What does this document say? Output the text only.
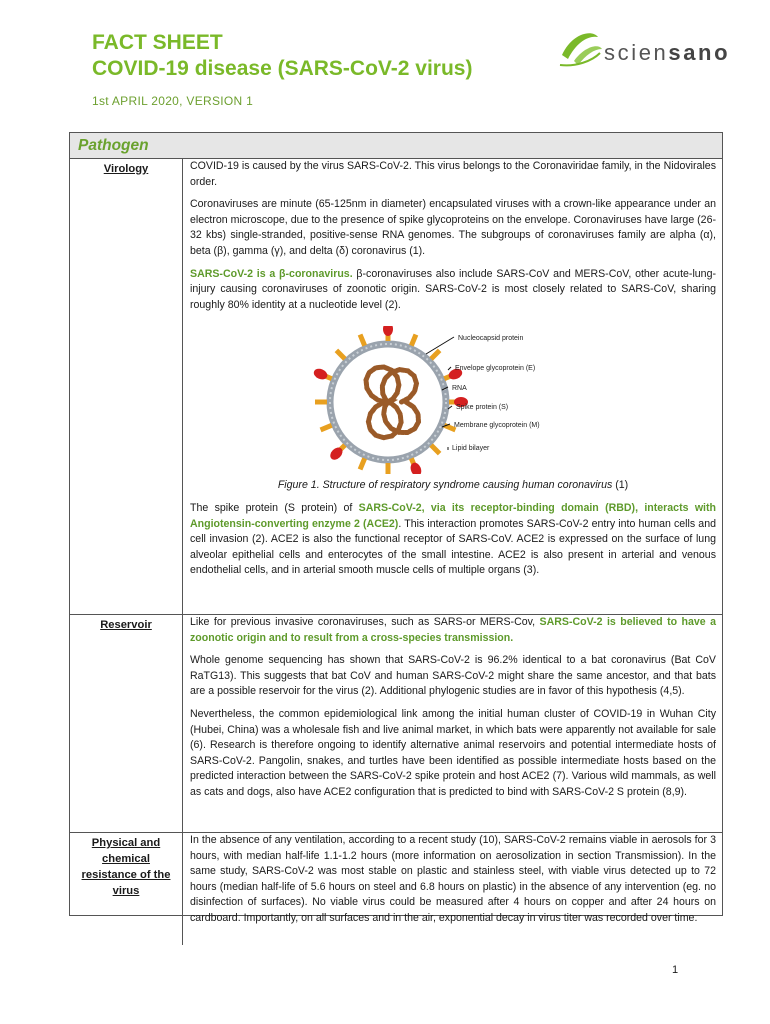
FACT SHEET
COVID-19 disease (SARS-CoV-2 virus)
1st APRIL 2020, VERSION 1
sciensano
Pathogen
Virology	COVID-19 is caused by the virus SARS-CoV-2. This virus belongs to the Coronaviridae family, in the Nidovirales order.

Coronaviruses are minute (65-125nm in diameter) encapsulated viruses with a crown-like appearance under an electron microscope, due to the presence of spike glycoproteins on the envelope. Coronaviruses have large (26-32 kbs) single-stranded, positive-sense RNA genomes. The subgroups of coronaviruses family are alpha (α), beta (β), gamma (γ), and delta (δ) coronavirus (1).

SARS-CoV-2 is a β-coronavirus. β-coronaviruses also include SARS-CoV and MERS-CoV, other acute-lung-injury causing coronaviruses of zoonotic origin. SARS-CoV-2 is most closely related to SARS-CoV, sharing roughly 80% identity at a nucleotide level (2).

Nucleocapsid protein
Envelope glycoprotein (E)
RNA
Spike protein (S)
Membrane glycoprotein (M)
Lipid bilayer

Figure 1. Structure of respiratory syndrome causing human coronavirus (1)

The spike protein (S protein) of SARS-CoV-2, via its receptor-binding domain (RBD), interacts with Angiotensin-converting enzyme 2 (ACE2). This interaction promotes SARS-CoV-2 entry into human cells and cell invasion (2). ACE2 is also the functional receptor of SARS-CoV. ACE2 is expressed on the surface of lung alveolar epithelial cells and enterocytes of the small intestine. ACE2 is also present in arterial and venous endothelial cells, and in arterial smooth muscle cells of multiple organs (3).

Reservoir	Like for previous invasive coronaviruses, such as SARS-or MERS-Cov, SARS-CoV-2 is believed to have a zoonotic origin and to result from a cross-species transmission.

Whole genome sequencing has shown that SARS-CoV-2 is 96.2% identical to a bat coronavirus (Bat CoV RaTG13). This suggests that bat CoV and human SARS-CoV-2 might share the same ancestor, and that bats are a possible reservoir for the virus (2). Additional phylogenic studies are in favor of this hypothesis (4,5).

Nevertheless, the common epidemiological link among the initial human cluster of COVID-19 in Wuhan City (Hubei, China) was a wholesale fish and live animal market, in which bats were apparently not available for sale (6). Research is therefore ongoing to identify alternative animal reservoirs and potential intermediate hosts of SARS-CoV-2. Pangolin, snakes, and turtles have been identified as possible intermediate hosts based on the predicted interaction between the SARS-CoV-2 spike protein and host ACE2 (7). Various wild mammals, as well as cats and dogs, also have ACE2 configuration that is predicted to bind with SARS-CoV-2 S protein (8,9).

Physical and chemical resistance of the virus

In the absence of any ventilation, according to a recent study (10), SARS-CoV-2 remains viable in aerosols for 3 hours, with median half-life 1.1-1.2 hours (more information on aerosolization in section Transmission). In the same study, SARS-CoV-2 was most stable on plastic and stainless steel, with viable virus detected up to 72 hours (median half-life of 5.6 hours on steel and 6.8 hours on plastic) in the absence of any intervention (eg. no disinfection of surfaces). No viable virus could be measured after 4 hours on copper and after 24 hours on cardboard. Importantly, on all surfaces and in the air, exponential decay in virus titer was recorded over time.

1
